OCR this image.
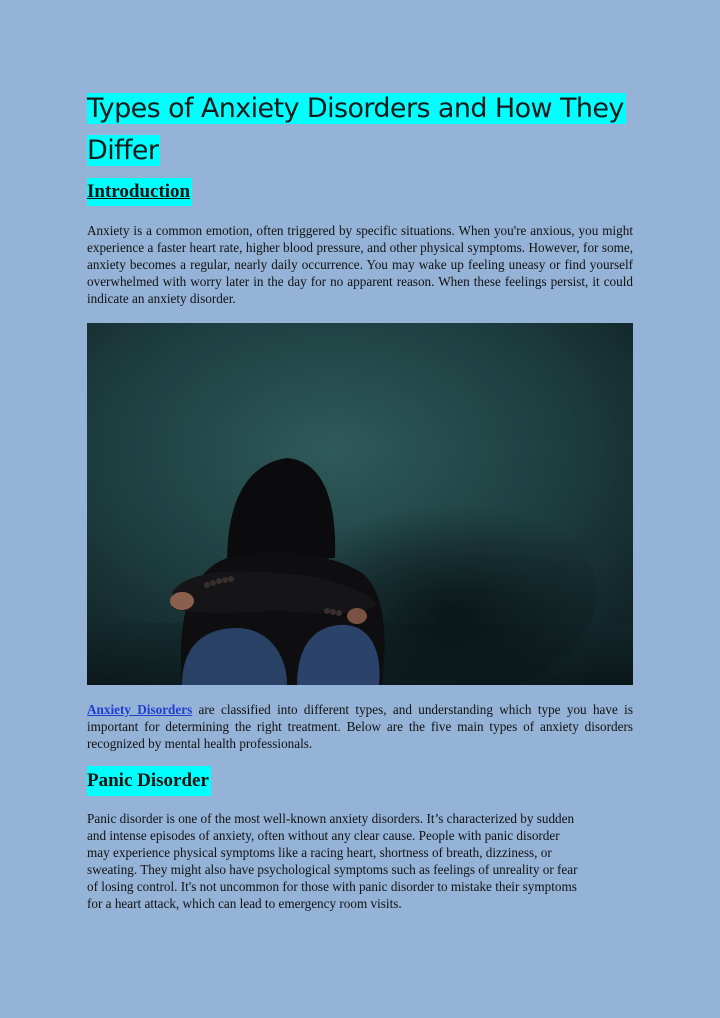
Types of Anxiety Disorders and How They
Differ
Introduction
Anxiety is a common emotion, often triggered by specific situations. When you're anxious, you might experience a faster heart rate, higher blood pressure, and other physical symptoms. However, for some, anxiety becomes a regular, nearly daily occurrence. You may wake up feeling uneasy or find yourself overwhelmed with worry later in the day for no apparent reason. When these feelings persist, it could indicate an anxiety disorder.
Anxiety Disorders are classified into different types, and understanding which type you have is important for determining the right treatment. Below are the five main types of anxiety disorders recognized by mental health professionals.
Panic Disorder
Panic disorder is one of the most well-known anxiety disorders. It’s characterized by sudden
and intense episodes of anxiety, often without any clear cause. People with panic disorder
may experience physical symptoms like a racing heart, shortness of breath, dizziness, or
sweating. They might also have psychological symptoms such as feelings of unreality or fear
of losing control. It's not uncommon for those with panic disorder to mistake their symptoms
for a heart attack, which can lead to emergency room visits.
